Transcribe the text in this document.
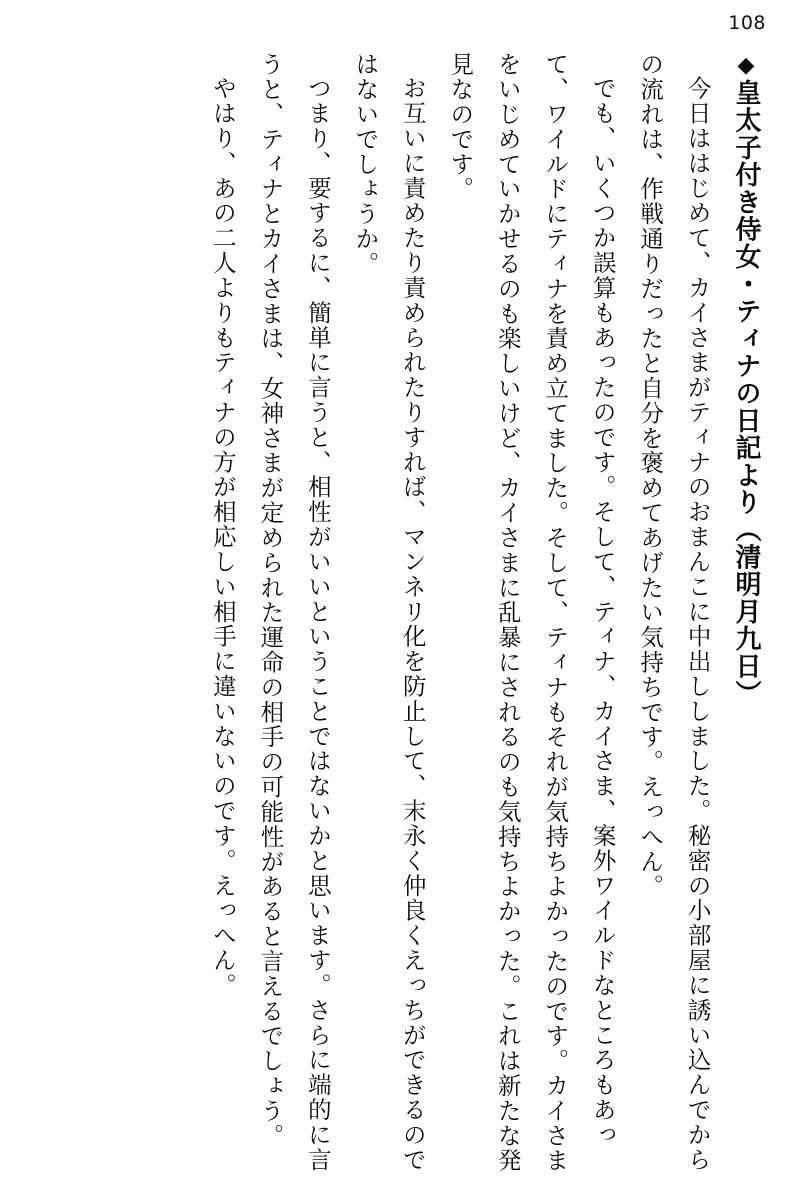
108
◆皇太子付き侍女・ティナの日記より（清明月九日）
今日ははじめて、カイさまがティナのおまんこに中出ししました。秘密の小部屋に誘い込んでからの流れは、作戦通りだったと自分を褒めてあげたい気持ちです。えっへん。
でも、いくつか誤算もあったのです。そして、ティナ、カイさま、案外ワイルドなところもあって、ワイルドにティナを責め立てました。そして、ティナもそれが気持ちよかったのです。カイさまをいじめていかせるのも楽しいけど、カイさまに乱暴にされるのも気持ちよかった。これは新たな発見なのです。
お互いに責めたり責められたりすれば、マンネリ化を防止して、末永く仲良くえっちができるのではないでしょうか。
つまり、要するに、簡単に言うと、相性がいいということではないかと思います。さらに端的に言うと、ティナとカイさまは、女神さまが定められた運命の相手の可能性があると言えるでしょう。
やはり、あの二人よりもティナの方が相応しい相手に違いないのです。えっへん。
